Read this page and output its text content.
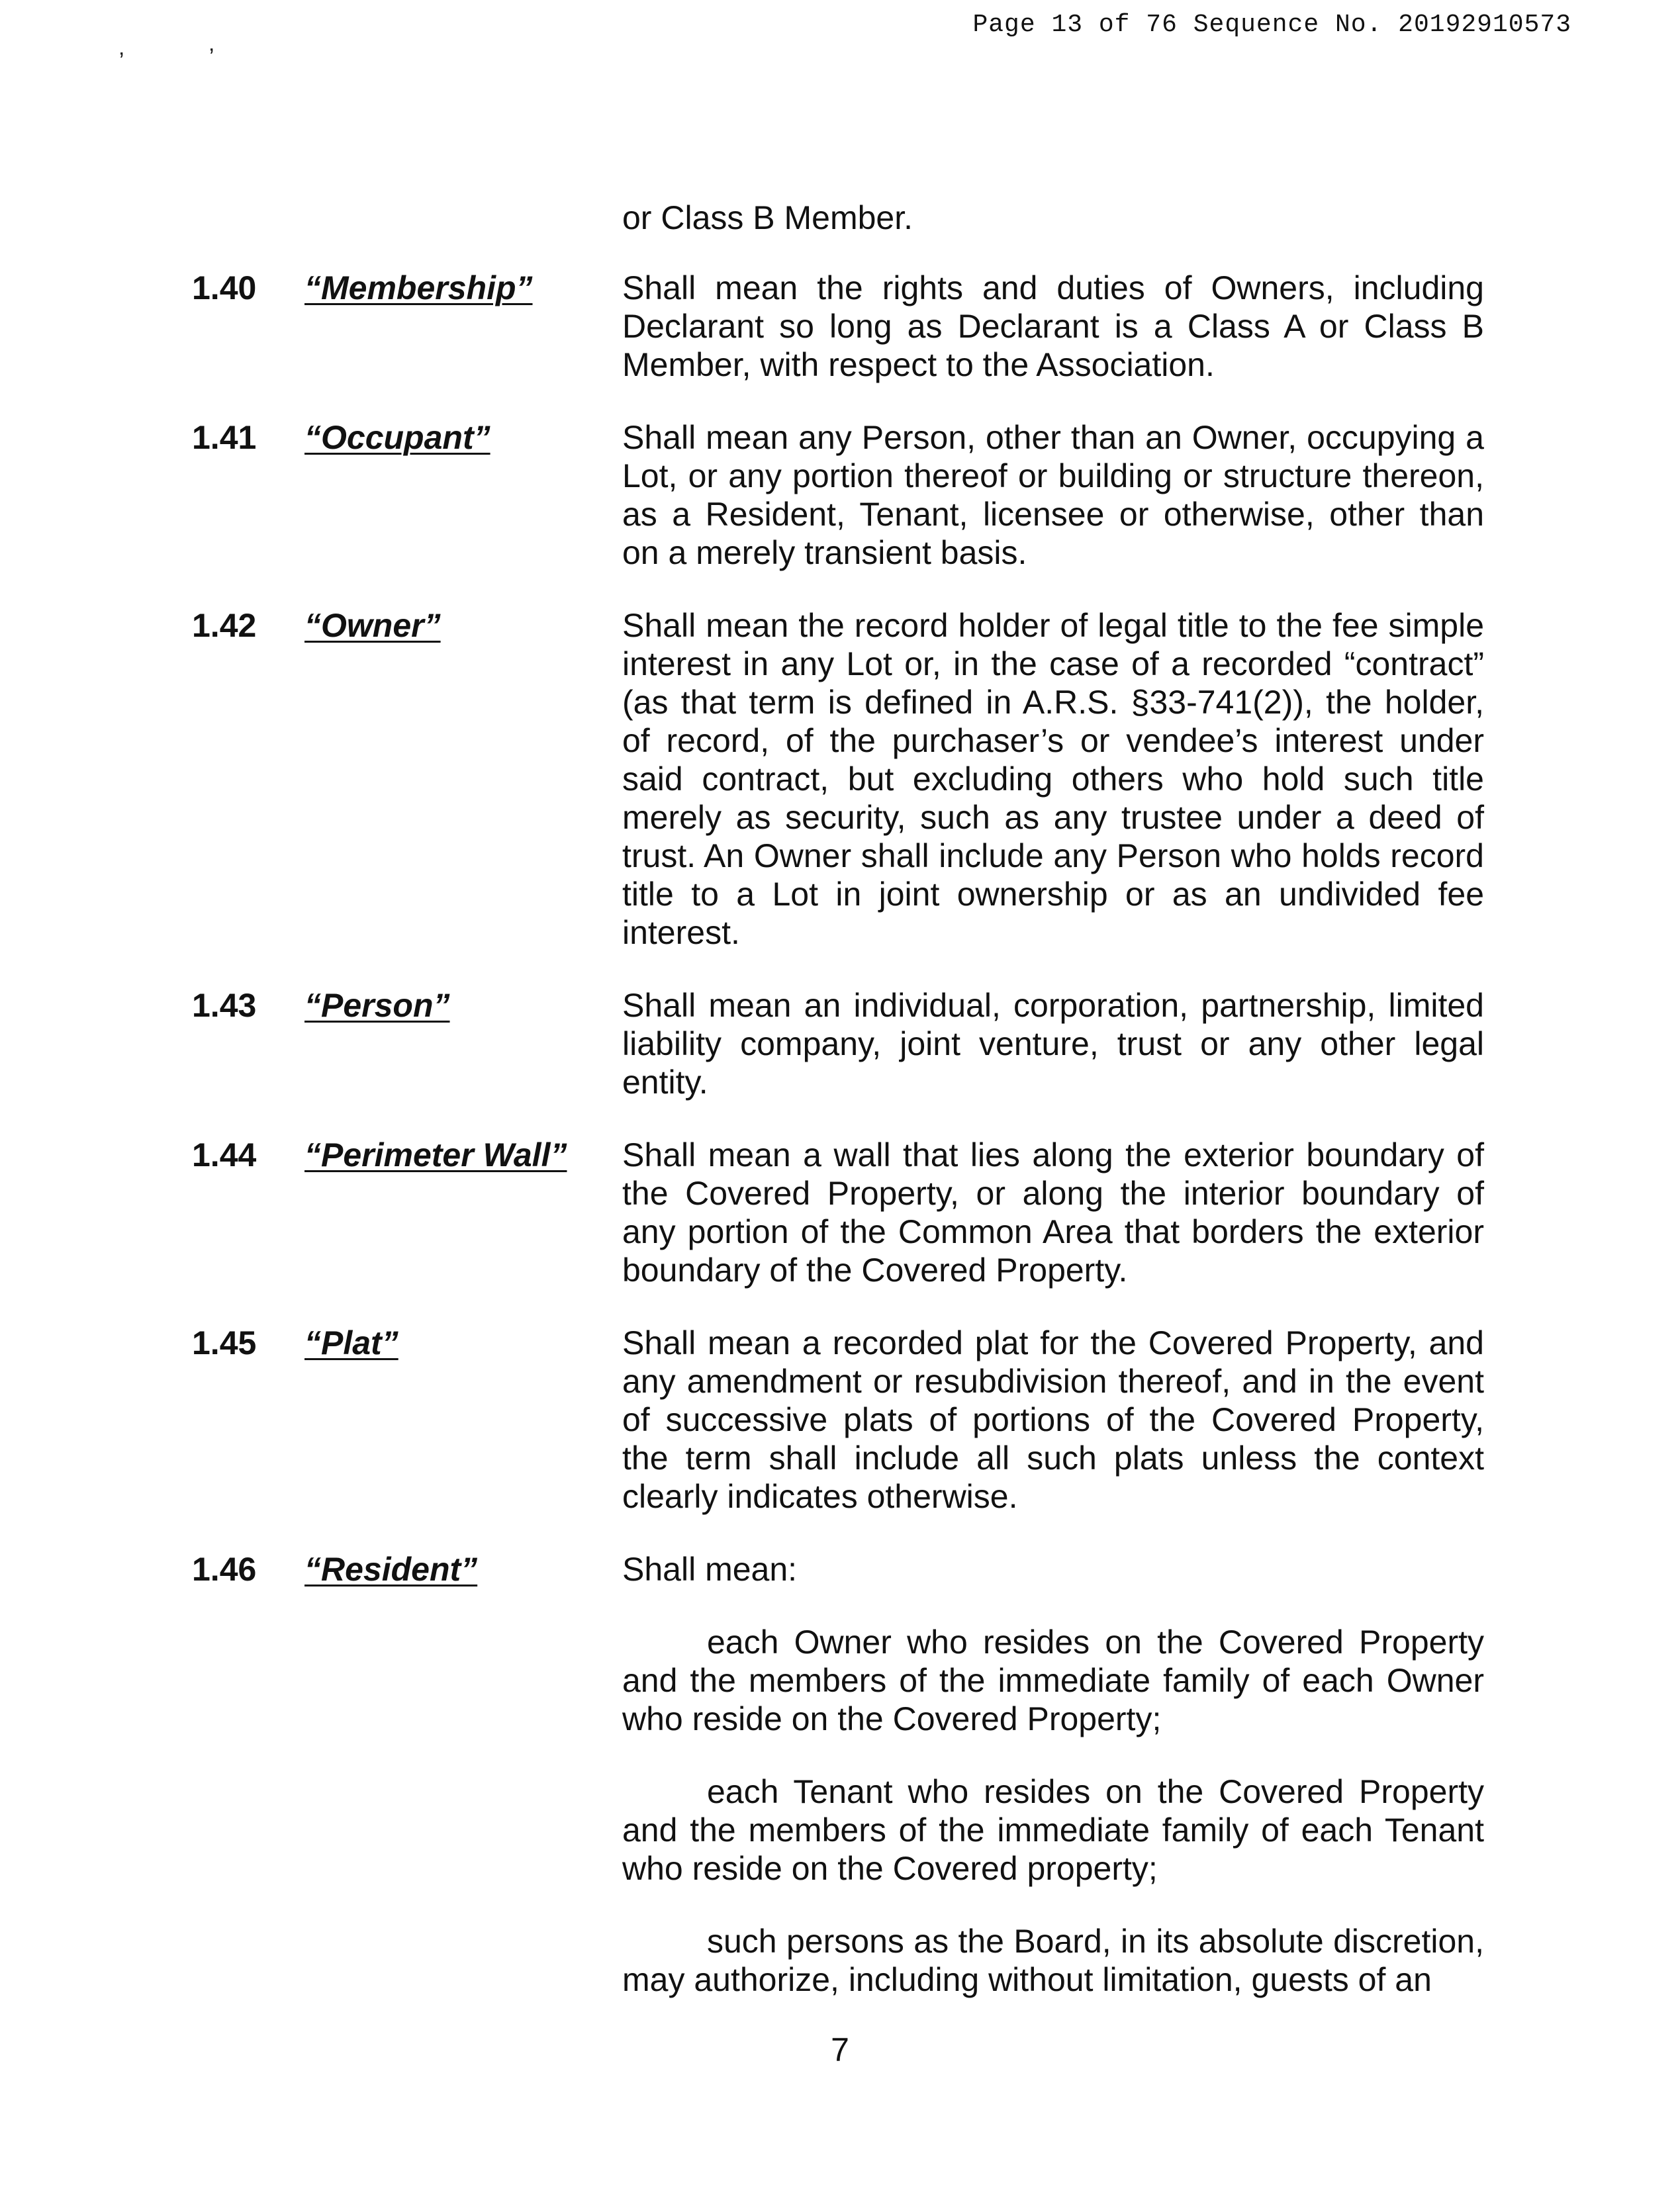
Page 13 of 76 Sequence No. 20192910573
ʼ	ʼ
or Class B Member.
1.40	“Membership”	Shall mean the rights and duties of Owners, including Declarant so long as Declarant is a Class A or Class B Member, with respect to the Association.
1.41	“Occupant”	Shall mean any Person, other than an Owner, occupying a Lot, or any portion thereof or building or structure thereon, as a Resident, Tenant, licensee or otherwise, other than on a merely transient basis.
1.42	“Owner”	Shall mean the record holder of legal title to the fee simple interest in any Lot or, in the case of a recorded “contract” (as that term is defined in A.R.S. §33-741(2)), the holder, of record, of the purchaser’s or vendee’s interest under said contract, but excluding others who hold such title merely as security, such as any trustee under a deed of trust. An Owner shall include any Person who holds record title to a Lot in joint ownership or as an undivided fee interest.
1.43	“Person”	Shall mean an individual, corporation, partnership, limited liability company, joint venture, trust or any other legal entity.
1.44	“Perimeter Wall”	Shall mean a wall that lies along the exterior boundary of the Covered Property, or along the interior boundary of any portion of the Common Area that borders the exterior boundary of the Covered Property.
1.45	“Plat”	Shall mean a recorded plat for the Covered Property, and any amendment or resubdivision thereof, and in the event of successive plats of portions of the Covered Property, the term shall include all such plats unless the context clearly indicates otherwise.
1.46	“Resident”	Shall mean:
each Owner who resides on the Covered Property and the members of the immediate family of each Owner who reside on the Covered Property;
each Tenant who resides on the Covered Property and the members of the immediate family of each Tenant who reside on the Covered property;
such persons as the Board, in its absolute discretion, may authorize, including without limitation, guests of an
7
